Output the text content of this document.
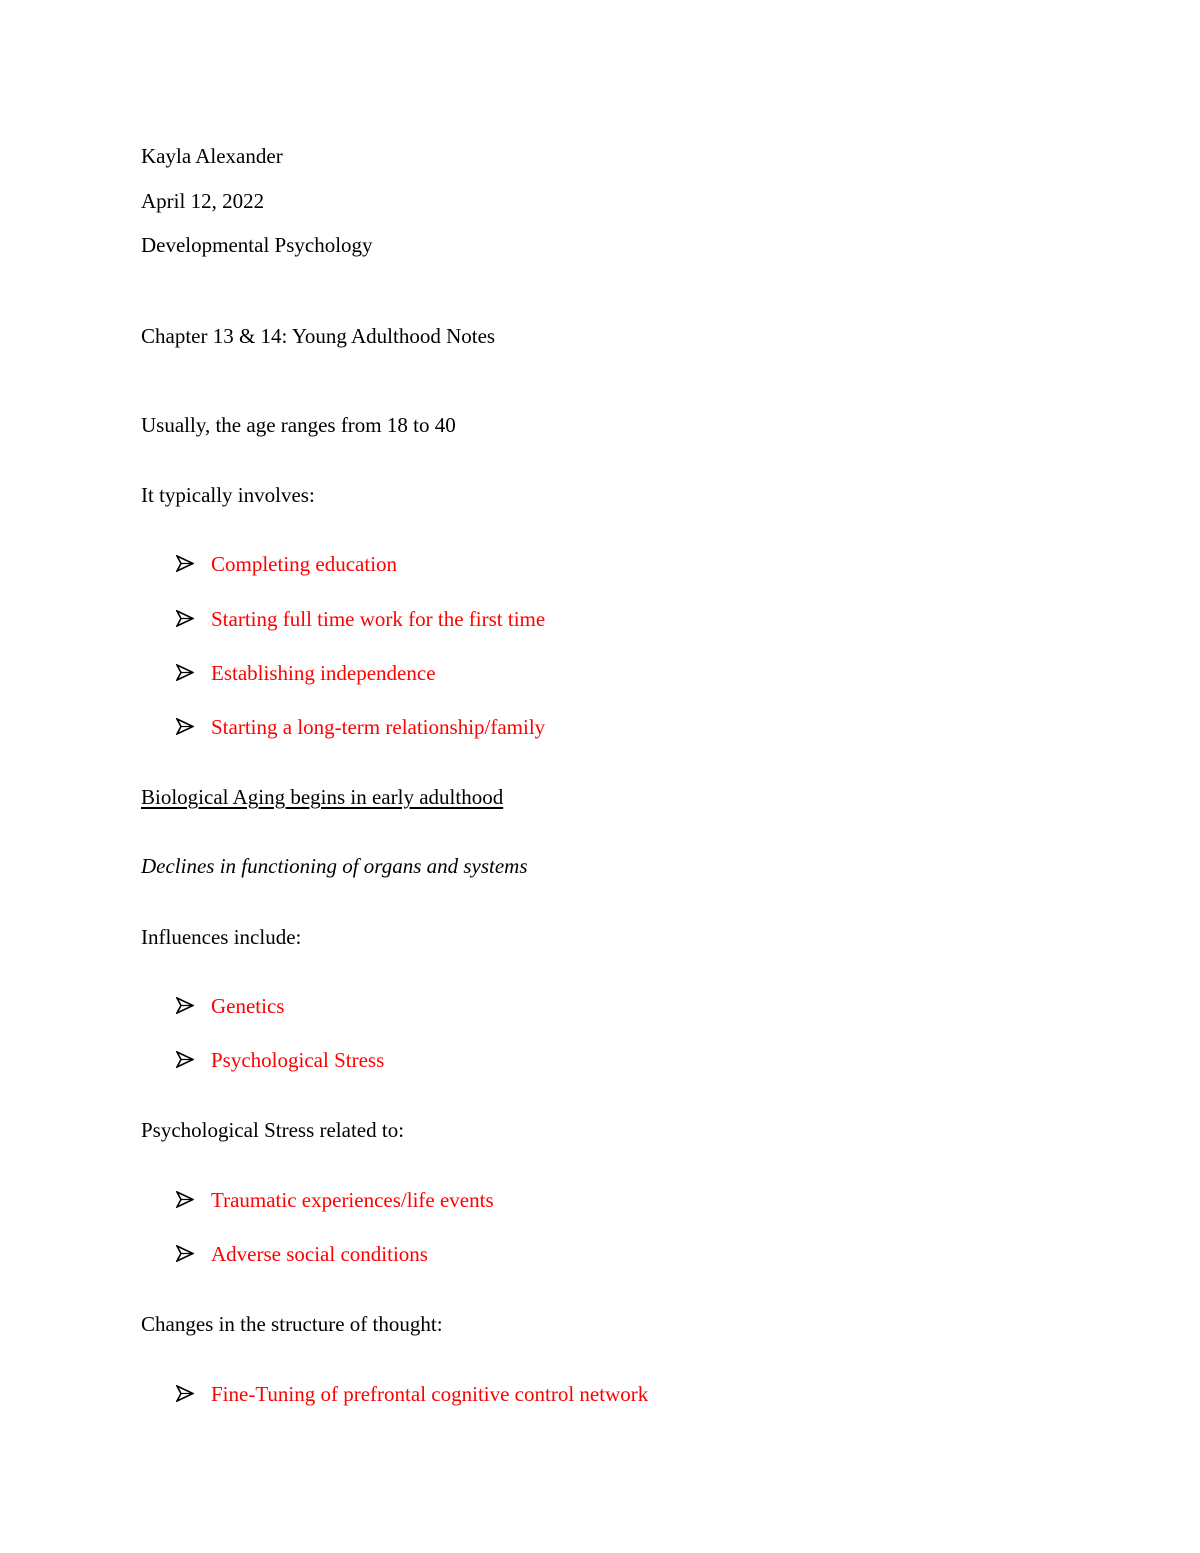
Kayla Alexander
April 12, 2022
Developmental Psychology
Chapter 13 & 14: Young Adulthood Notes
Usually, the age ranges from 18 to 40
It typically involves:
Completing education
Starting full time work for the first time
Establishing independence
Starting a long-term relationship/family
Biological Aging begins in early adulthood
Declines in functioning of organs and systems
Influences include:
Genetics
Psychological Stress
Psychological Stress related to:
Traumatic experiences/life events
Adverse social conditions
Changes in the structure of thought:
Fine-Tuning of prefrontal cognitive control network
